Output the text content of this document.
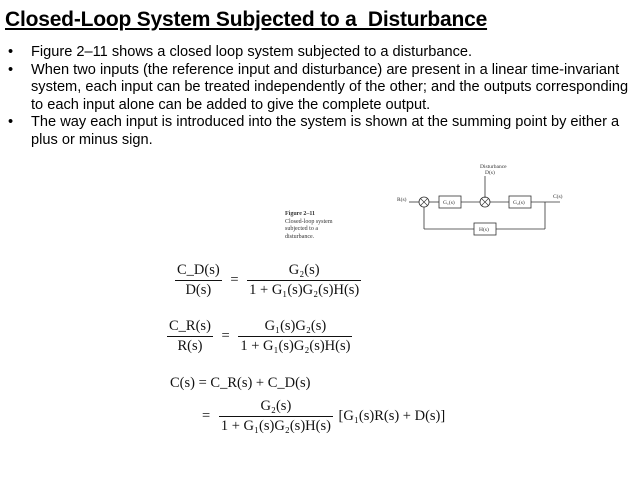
Closed-Loop System Subjected to a  Disturbance
• Figure 2–11 shows a closed loop system subjected to a disturbance.
• When two inputs (the reference input and disturbance) are present in a linear time-invariant system, each input can be treated independently of the other; and the outputs corresponding to each input alone can be added to give the complete output.
• The way each input is introduced into the system is shown at the summing point by either a plus or minus sign.
Figure 2–11
Closed-loop system
subjected to a
disturbance.
Disturbance
D(s)
R(s)	G₁(s)	G₂(s)
C(s)
H(s)
$\frac{C\_D(s)}{D(s)} = \frac{\text{G₂(s)}}{\text{1 + G₁(s)G₂(s)H(s)}}$
$\frac{C\_R(s)}{R(s)} = \frac{\text{G₁(s)G₂(s)}}{\text{1 + G₁(s)G₂(s)H(s)}}$
C(s) = C_R(s) + C_D(s)
= $\frac{\text{G₂(s)}}{\text{1 + G₁(s)G₂(s)H(s)}} [G_1(s)R(s) + D(s)]$
